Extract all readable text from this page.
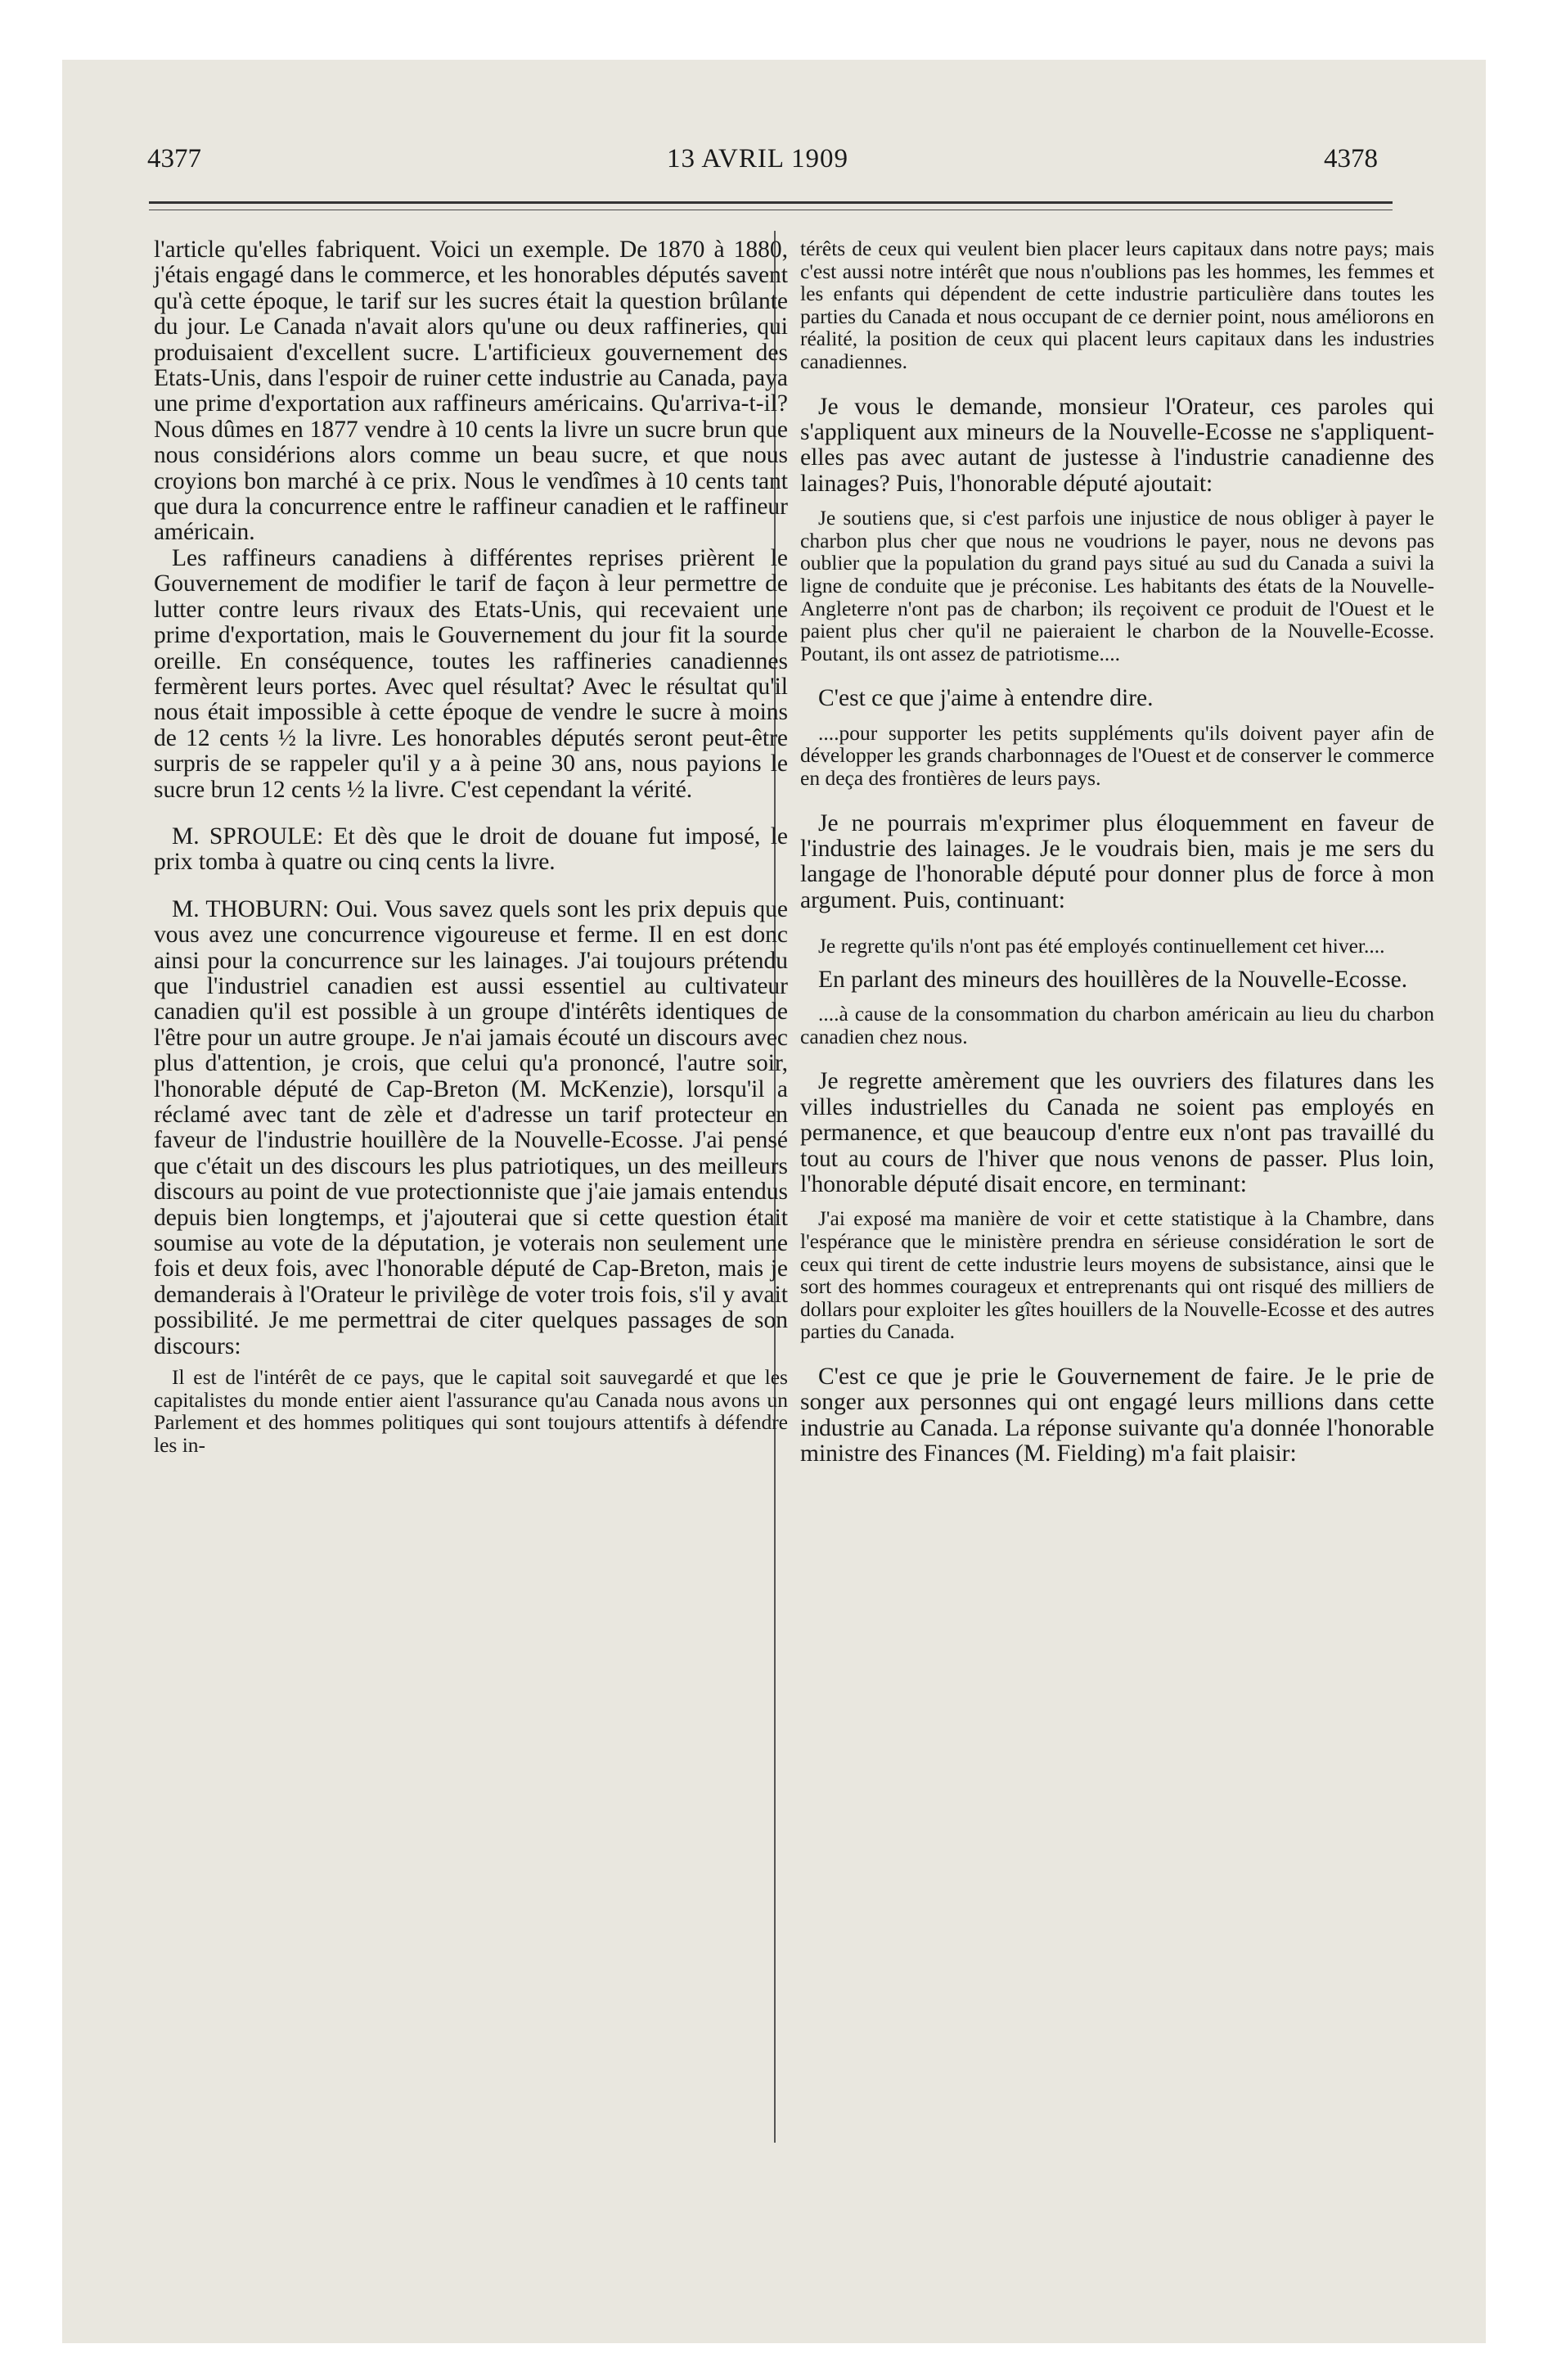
4377	13 AVRIL 1909	4378

l'article qu'elles fabriquent. Voici un exemple. De 1870 à 1880, j'étais engagé dans le commerce, et les honorables députés savent qu'à cette époque, le tarif sur les sucres était la question brûlante du jour. Le Canada n'avait alors qu'une ou deux raffineries, qui produisaient d'excellent sucre. L'artificieux gouvernement des Etats-Unis, dans l'espoir de ruiner cette industrie au Canada, paya une prime d'exportation aux raffineurs américains. Qu'arriva-t-il? Nous dûmes en 1877 vendre à 10 cents la livre un sucre brun que nous considérions alors comme un beau sucre, et que nous croyions bon marché à ce prix. Nous le vendîmes à 10 cents tant que dura la concurrence entre le raffineur canadien et le raffineur américain.

Les raffineurs canadiens à différentes reprises prièrent le Gouvernement de modifier le tarif de façon à leur permettre de lutter contre leurs rivaux des Etats-Unis, qui recevaient une prime d'exportation, mais le Gouvernement du jour fit la sourde oreille. En conséquence, toutes les raffineries canadiennes fermèrent leurs portes. Avec quel résultat? Avec le résultat qu'il nous était impossible à cette époque de vendre le sucre à moins de 12 cents ½ la livre. Les honorables députés seront peut-être surpris de se rappeler qu'il y a à peine 30 ans, nous payions le sucre brun 12 cents ½ la livre. C'est cependant la vérité.

M. SPROULE: Et dès que le droit de douane fut imposé, le prix tomba à quatre ou cinq cents la livre.

M. THOBURN: Oui. Vous savez quels sont les prix depuis que vous avez une concurrence vigoureuse et ferme. Il en est donc ainsi pour la concurrence sur les lainages. J'ai toujours prétendu que l'industriel canadien est aussi essentiel au cultivateur canadien qu'il est possible à un groupe d'intérêts identiques de l'être pour un autre groupe. Je n'ai jamais écouté un discours avec plus d'attention, je crois, que celui qu'a prononcé, l'autre soir, l'honorable député de Cap-Breton (M. McKenzie), lorsqu'il a réclamé avec tant de zèle et d'adresse un tarif protecteur en faveur de l'industrie houillère de la Nouvelle-Ecosse. J'ai pensé que c'était un des discours les plus patriotiques, un des meilleurs discours au point de vue protectionniste que j'aie jamais entendus depuis bien longtemps, et j'ajouterai que si cette question était soumise au vote de la députation, je voterais non seulement une fois et deux fois, avec l'honorable député de Cap-Breton, mais je demanderais à l'Orateur le privilège de voter trois fois, s'il y avait possibilité. Je me permettrai de citer quelques passages de son discours:

Il est de l'intérêt de ce pays, que le capital soit sauvegardé et que les capitalistes du monde entier aient l'assurance qu'au Canada nous avons un Parlement et des hommes politiques qui sont toujours attentifs à défendre les in-

térêts de ceux qui veulent bien placer leurs capitaux dans notre pays; mais c'est aussi notre intérêt que nous n'oublions pas les hommes, les femmes et les enfants qui dépendent de cette industrie particulière dans toutes les parties du Canada et nous occupant de ce dernier point, nous améliorons en réalité, la position de ceux qui placent leurs capitaux dans les industries canadiennes.

Je vous le demande, monsieur l'Orateur, ces paroles qui s'appliquent aux mineurs de la Nouvelle-Ecosse ne s'appliquent-elles pas avec autant de justesse à l'industrie canadienne des lainages? Puis, l'honorable député ajoutait:

Je soutiens que, si c'est parfois une injustice de nous obliger à payer le charbon plus cher que nous ne voudrions le payer, nous ne devons pas oublier que la population du grand pays situé au sud du Canada a suivi la ligne de conduite que je préconise. Les habitants des états de la Nouvelle-Angleterre n'ont pas de charbon; ils reçoivent ce produit de l'Ouest et le paient plus cher qu'il ne paieraient le charbon de la Nouvelle-Ecosse. Poutant, ils ont assez de patriotisme....

C'est ce que j'aime à entendre dire.

....pour supporter les petits suppléments qu'ils doivent payer afin de développer les grands charbonnages de l'Ouest et de conserver le commerce en deça des frontières de leurs pays.

Je ne pourrais m'exprimer plus éloquemment en faveur de l'industrie des lainages. Je le voudrais bien, mais je me sers du langage de l'honorable député pour donner plus de force à mon argument. Puis, continuant:

Je regrette qu'ils n'ont pas été employés continuellement cet hiver....

En parlant des mineurs des houillères de la Nouvelle-Ecosse.

....à cause de la consommation du charbon américain au lieu du charbon canadien chez nous.

Je regrette amèrement que les ouvriers des filatures dans les villes industrielles du Canada ne soient pas employés en permanence, et que beaucoup d'entre eux n'ont pas travaillé du tout au cours de l'hiver que nous venons de passer. Plus loin, l'honorable député disait encore, en terminant:

J'ai exposé ma manière de voir et cette statistique à la Chambre, dans l'espérance que le ministère prendra en sérieuse considération le sort de ceux qui tirent de cette industrie leurs moyens de subsistance, ainsi que le sort des hommes courageux et entreprenants qui ont risqué des milliers de dollars pour exploiter les gîtes houillers de la Nouvelle-Ecosse et des autres parties du Canada.

C'est ce que je prie le Gouvernement de faire. Je le prie de songer aux personnes qui ont engagé leurs millions dans cette industrie au Canada. La réponse suivante qu'a donnée l'honorable ministre des Finances (M. Fielding) m'a fait plaisir:
